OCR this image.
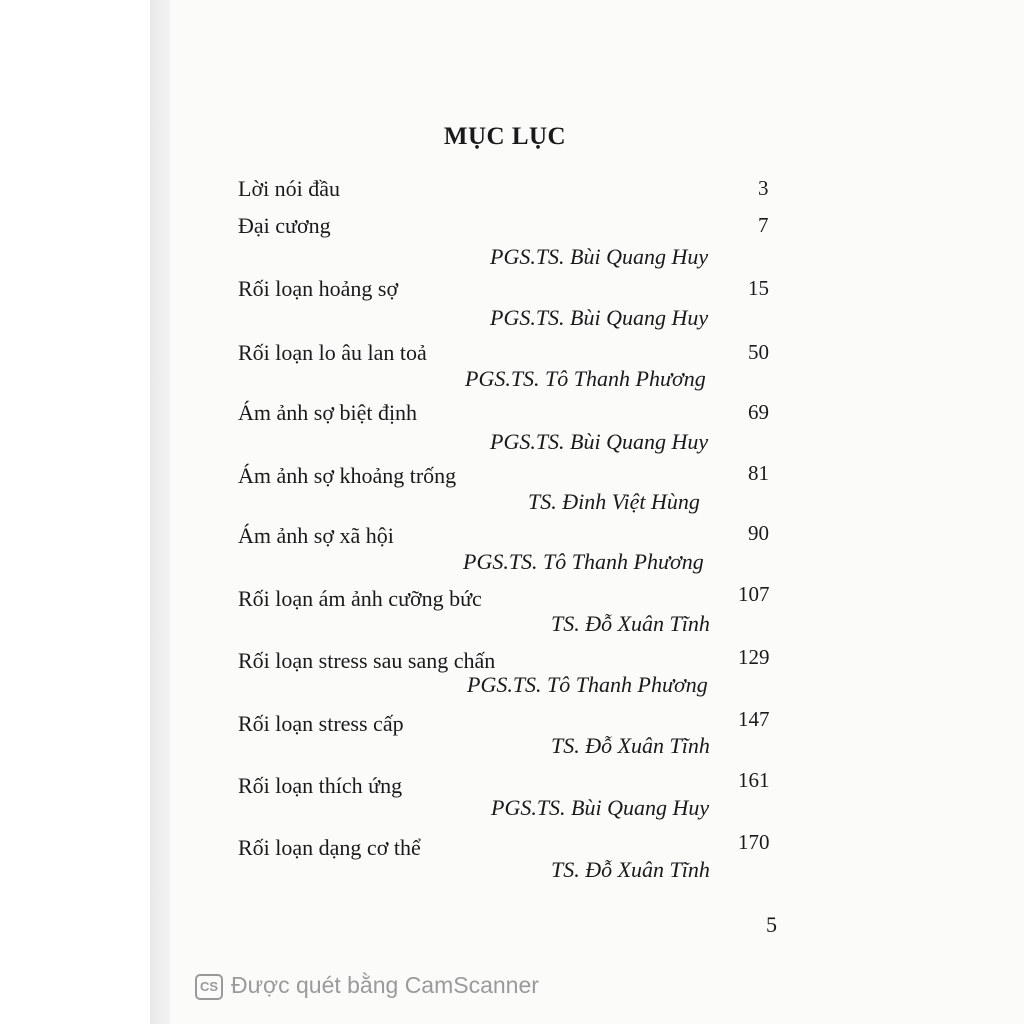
MỤC LỤC
Lời nói đầu	3
Đại cương	7
PGS.TS. Bùi Quang Huy
Rối loạn hoảng sợ	15
PGS.TS. Bùi Quang Huy
Rối loạn lo âu lan toả	50
PGS.TS. Tô Thanh Phương
Ám ảnh sợ biệt định	69
PGS.TS. Bùi Quang Huy
Ám ảnh sợ khoảng trống	81
TS. Đinh Việt Hùng
Ám ảnh sợ xã hội	90
PGS.TS. Tô Thanh Phương
Rối loạn ám ảnh cưỡng bức	107
TS. Đỗ Xuân Tĩnh
Rối loạn stress sau sang chấn	129
PGS.TS. Tô Thanh Phương
Rối loạn stress cấp	147
TS. Đỗ Xuân Tĩnh
Rối loạn thích ứng	161
PGS.TS. Bùi Quang Huy
Rối loạn dạng cơ thể	170
TS. Đỗ Xuân Tĩnh
5
CS Được quét bằng CamScanner
